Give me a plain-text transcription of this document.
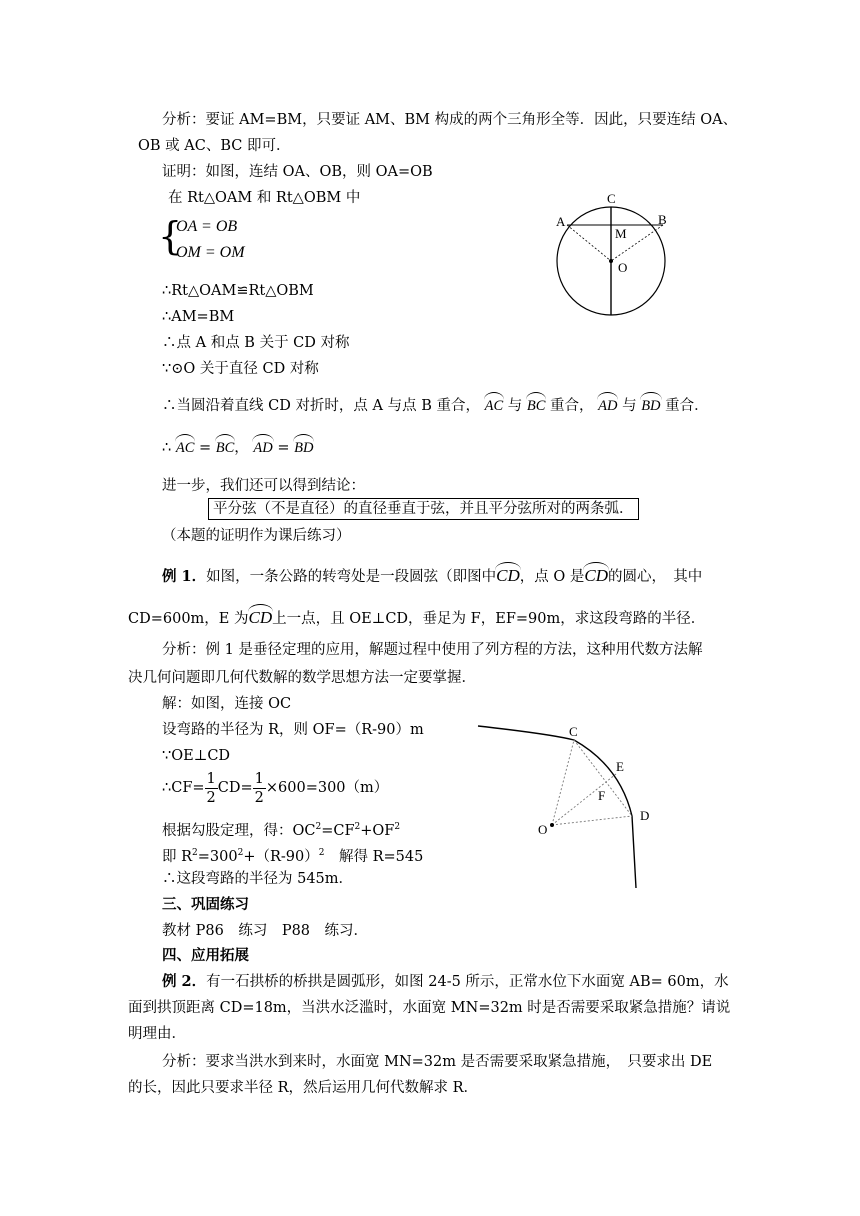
分析：要证 AM=BM，只要证 AM、BM 构成的两个三角形全等．因此，只要连结 OA、
OB 或 AC、BC 即可．
证明：如图，连结 OA、OB，则 OA=OB
在 Rt△OAM 和 Rt△OBM 中
{
OA = OB
OM = OM
∴Rt△OAM≌Rt△OBM
∴AM=BM
∴点 A 和点 B 关于 CD 对称
∵⊙O 关于直径 CD 对称
∴当圆沿着直线 CD 对折时，点 A 与点 B 重合， AC 与 BC 重合， AD 与 BD 重合．
∴ AC = BC， AD = BD
进一步，我们还可以得到结论：
平分弦（不是直径）的直径垂直于弦，并且平分弦所对的两条弧．
（本题的证明作为课后练习）
例 1．如图，一条公路的转弯处是一段圆弦（即图中CD，点 O 是CD的圆心，　其中
CD=600m，E 为CD上一点，且 OE⊥CD，垂足为 F，EF=90m，求这段弯路的半径．
分析：例 1 是垂径定理的应用，解题过程中使用了列方程的方法，这种用代数方法解
决几何问题即几何代数解的数学思想方法一定要掌握．
解：如图，连接 OC
设弯路的半径为 R，则 OF=（R-90）m
∵OE⊥CD
∴CF= $\frac{1}{2} CD= \frac{1}{2} \times 600=300(m)$
根据勾股定理，得：$OC^2=CF^2+OF^2$
即 $R^2=300^2+(R-90)^2$　解得 R=545
∴这段弯路的半径为 545m．
三、巩固练习
教材 P86　练习　P88　练习．
四、应用拓展
例 2．有一石拱桥的桥拱是圆弧形，如图 24-5 所示，正常水位下水面宽 AB= 60m，水
面到拱顶距离 CD=18m，当洪水泛滥时，水面宽 MN=32m 时是否需要采取紧急措施？请说
明理由．
分析：要求当洪水到来时，水面宽 MN=32m 是否需要采取紧急措施，　只要求出 DE
的长，因此只要求半径 R，然后运用几何代数解求 R．
C
A	B
M
O
C
E
F
D
O
